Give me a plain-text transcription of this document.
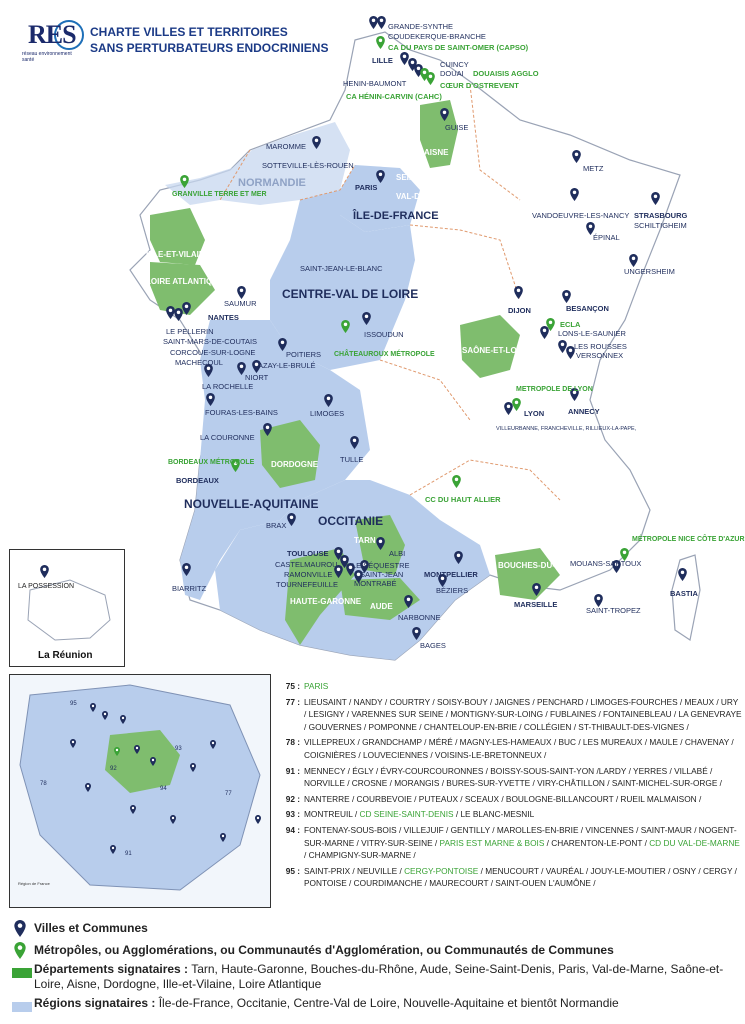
RES
réseau environnement santé
CHARTE VILLES ET TERRITOIRES
SANS PERTURBATEURS ENDOCRINIENS
NORMANDIE
ÎLE-DE-FRANCE
CENTRE-VAL DE LOIRE
NOUVELLE-AQUITAINE
OCCITANIE
AISNE
SEINE-SAINT-DENIS
VAL-DE-MARNE
ILLE-ET-VILAINE
LOIRE ATLANTIQUE
SAÔNE-ET-LOIRE
DORDOGNE
TARN
HAUTE-GARONNE
AUDE
BOUCHES-DU-RHÔNE
GRANDE-SYNTHE
COUDEKERQUE-BRANCHE
LILLE	CUINCY
DOUAI
HENIN-BAUMONT
GUISE
MAROMME
SOTTEVILLE-LÈS-ROUEN
PARIS
METZ
VANDOEUVRE-LES-NANCY
ÉPINAL
STRASBOURG
SCHILTIGHEIM
UNGERSHEIM
SAINT-JEAN-LE-BLANC
SAUMUR
NANTES
LE PELLERIN
SAINT-MARS-DE-COUTAIS
CORCOUE-SUR-LOGNE
MACHECOUL
POITIERS
AZAY-LE-BRULÉ
NIORT
LA ROCHELLE
FOURAS-LES-BAINS
LA COURONNE
LIMOGES
TULLE
BORDEAUX
BRAX
ISSOUDUN
DIJON	BESANÇON
LONS-LE-SAUNIER
LES ROUSSES
VERSONNEX
LYON
VILLEURBANNE, FRANCHEVILLE, RILLIEUX-LA-PAPE,
ANNECY
BIARRITZ
TOULOUSE
CASTELMAUROU
RAMONVILLE
TOURNEFEUILLE
ALBI
LE SÉQUESTRE
SAINT-JEAN
MONTRABÉ
MONTPELLIER
BÉZIERS
NARBONNE
BAGES
MARSEILLE
MOUANS-SARTOUX
SAINT-TROPEZ
BASTIA
CA DU PAYS DE SAINT-OMER (CAPSO)
DOUAISIS AGGLO
CŒUR D'OSTREVENT
CA HÉNIN-CARVIN (CAHC)
GRANVILLE TERRE ET MER
CHÂTEAUROUX MÉTROPOLE
ECLA
METROPOLE DE LYON
BORDEAUX MÉTROPOLE
CC DU HAUT ALLIER
MÉTROPOLE NICE CÔTE D'AZUR
LA POSSESSION
La Réunion
95
78
93
92
94
91
77
Région de France
75 : PARIS
77 : LIEUSAINT / NANDY / COURTRY / SOISY-BOUY / JAIGNES / PENCHARD / LIMOGES-FOURCHES / MEAUX / URY / LESIGNY / VARENNES SUR SEINE / MONTIGNY-SUR-LOING / FUBLAINES / FONTAINEBLEAU / LA GENEVRAYE / GOUVERNES / POMPONNE / CHANTELOUP-EN-BRIE / COLLÉGIEN / ST-THIBAULT-DES-VIGNES /
78 : VILLEPREUX / GRANDCHAMP / MÉRÉ / MAGNY-LES-HAMEAUX / BUC / LES MUREAUX / MAULE / CHAVENAY / COIGNIÈRES / LOUVECIENNES / VOISINS-LE-BRETONNEUX /
91 : MENNECY / ÉGLY / ÉVRY-COURCOURONNES / BOISSY-SOUS-SAINT-YON /LARDY / YERRES / VILLABÉ / NORVILLE / CROSNE / MORANGIS / BURES-SUR-YVETTE / VIRY-CHÂTILLON / SAINT-MICHEL-SUR-ORGE /
92 : NANTERRE / COURBEVOIE / PUTEAUX / SCEAUX / BOULOGNE-BILLANCOURT / RUEIL MALMAISON /
93 : MONTREUIL / CD SEINE-SAINT-DENIS / LE BLANC-MESNIL
94 : FONTENAY-SOUS-BOIS / VILLEJUIF / GENTILLY / MAROLLES-EN-BRIE / VINCENNES / SAINT-MAUR / NOGENT-SUR-MARNE / VITRY-SUR-SEINE / PARIS EST MARNE & BOIS / CHARENTON-LE-PONT / CD DU VAL-DE-MARNE / CHAMPIGNY-SUR-MARNE /
95 : SAINT-PRIX / NEUVILLE / CERGY-PONTOISE / MENUCOURT / VAURÉAL / JOUY-LE-MOUTIER / OSNY / CERGY / PONTOISE / COURDIMANCHE / MAURECOURT / SAINT-OUEN L'AUMÔNE /
Villes et Communes
Métropôles, ou Agglomérations, ou Communautés d'Agglomération, ou Communautés de Communes
Départements signataires : Tarn, Haute-Garonne, Bouches-du-Rhône, Aude, Seine-Saint-Denis, Paris, Val-de-Marne, Saône-et-Loire, Aisne, Dordogne, Ille-et-Vilaine, Loire Atlantique
Régions signataires : Île-de-France, Occitanie, Centre-Val de Loire, Nouvelle-Aquitaine et bientôt Normandie
